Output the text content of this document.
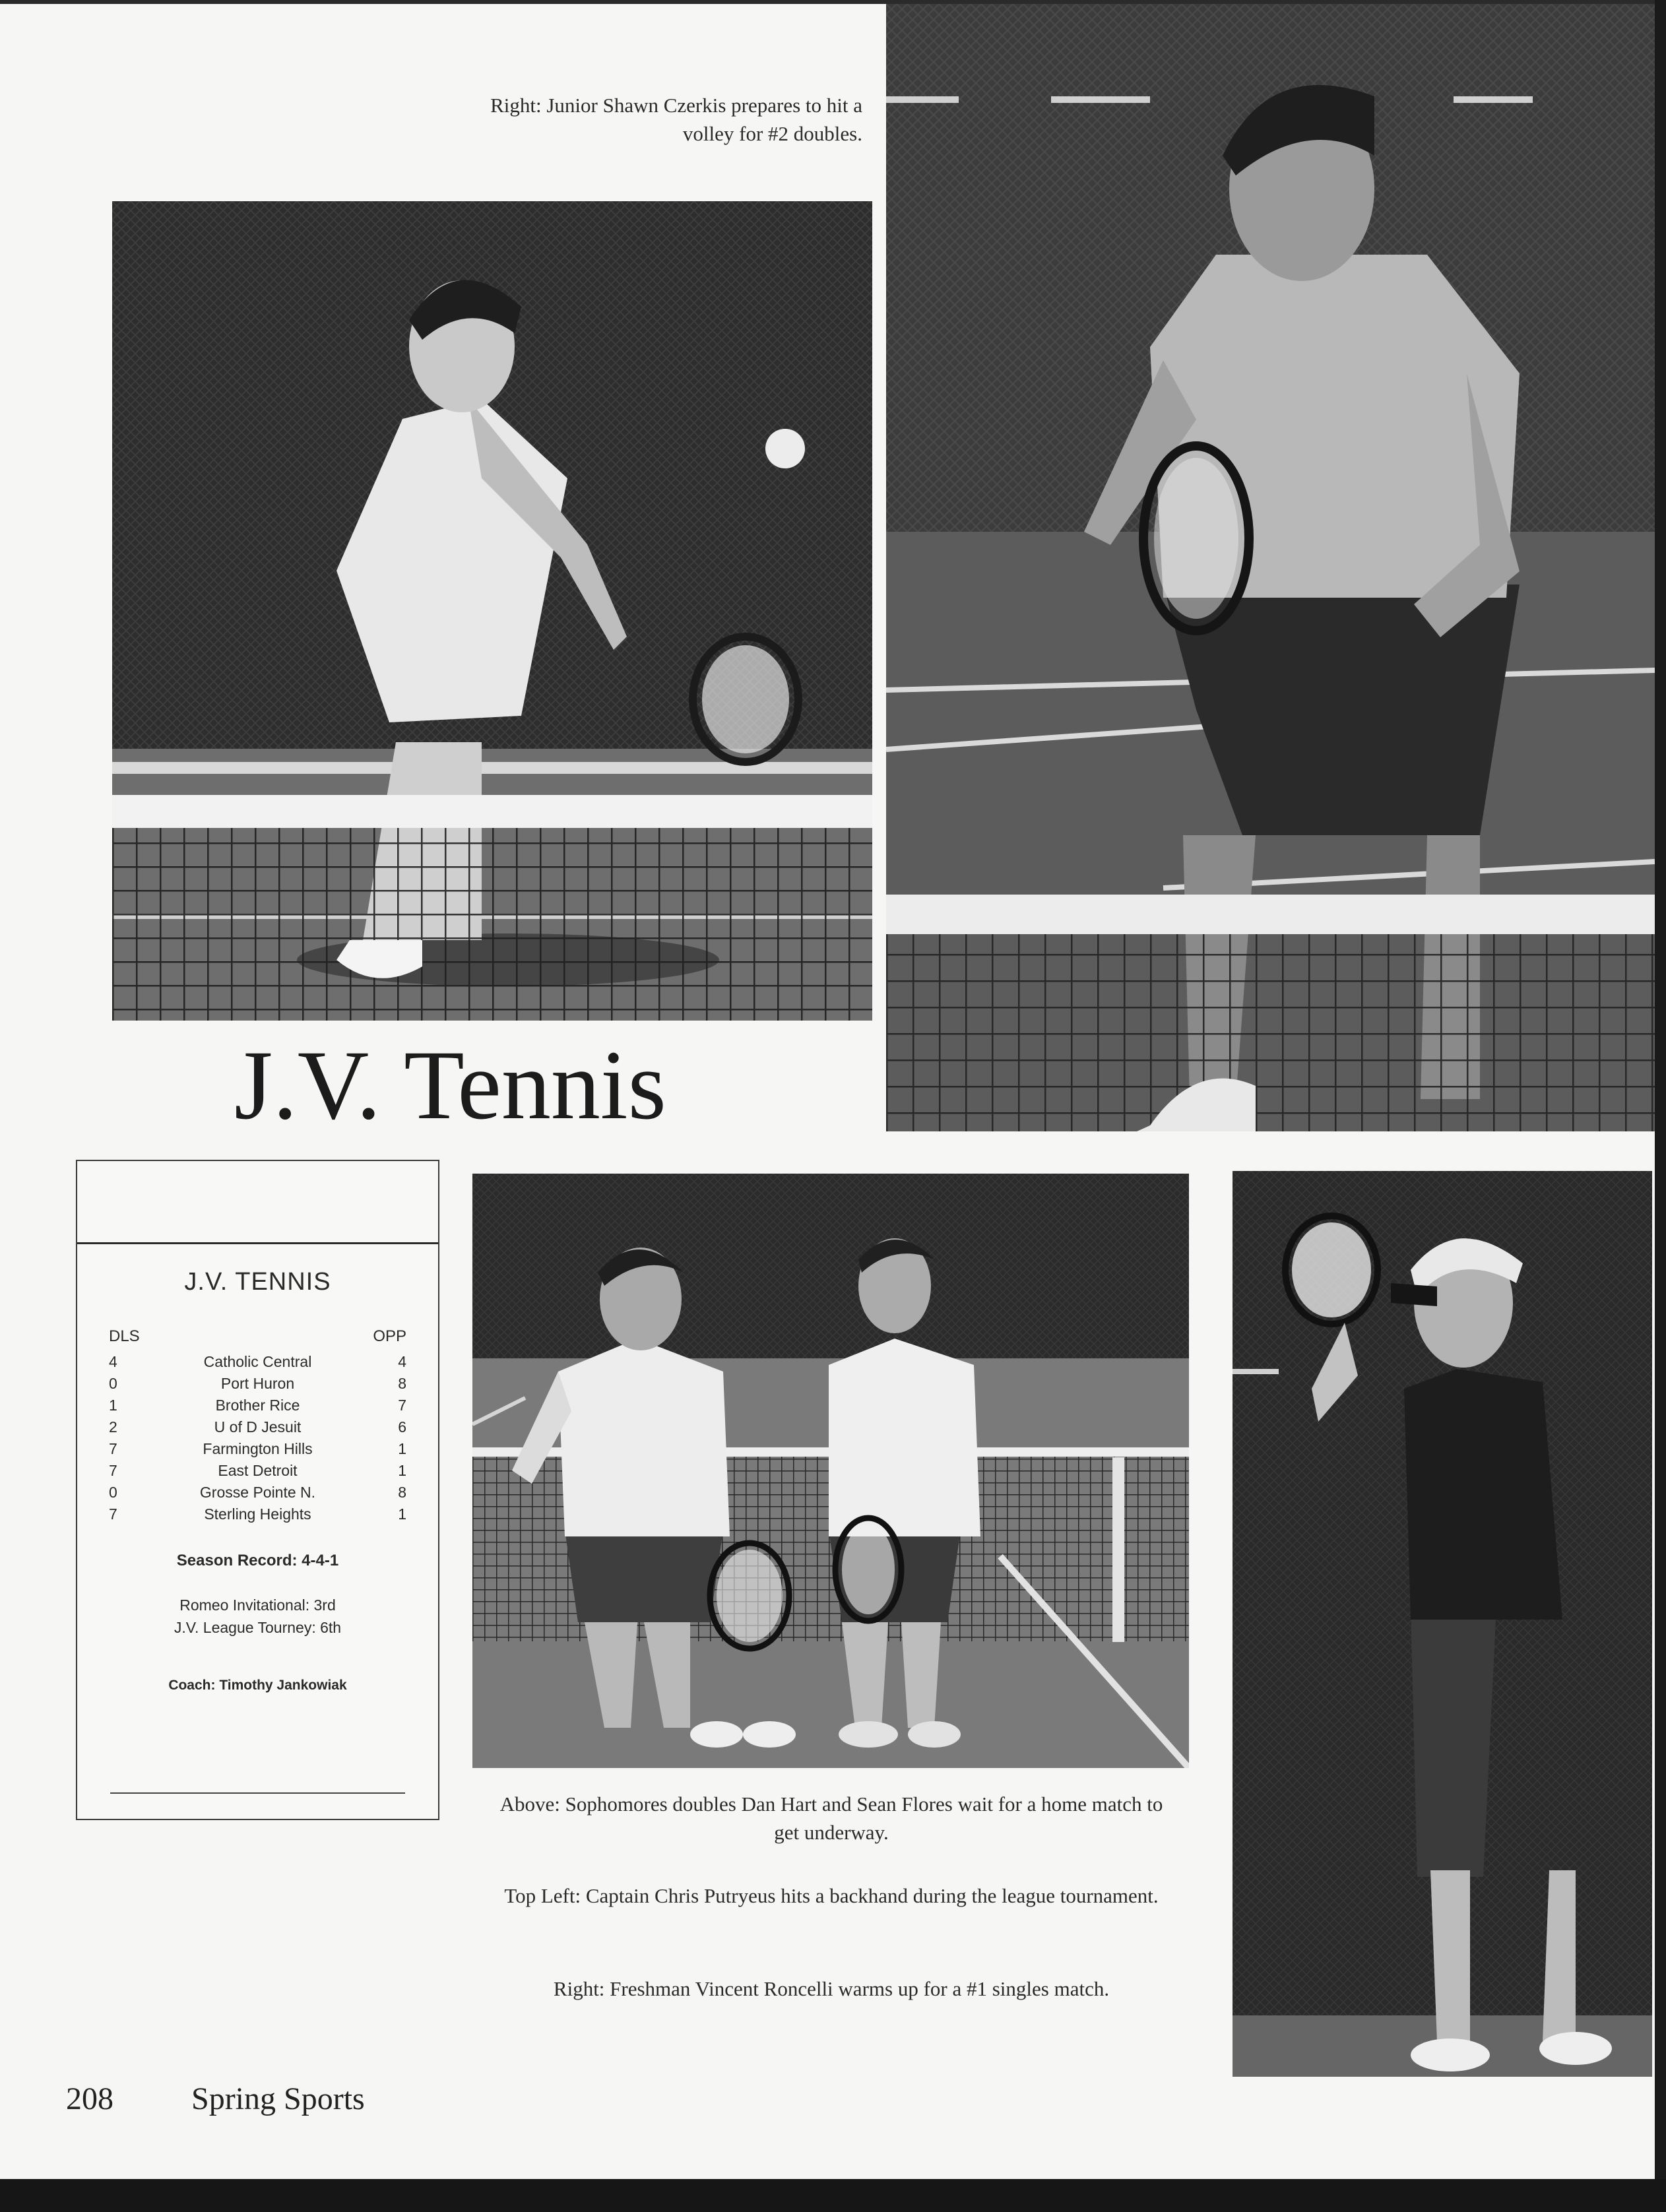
Right: Junior Shawn Czerkis prepares to hit a
volley for #2 doubles.
J.V. Tennis
J.V. TENNIS
DLS	OPP
4	Catholic Central	4
0	Port Huron	8
1	Brother Rice	7
2	U of D Jesuit	6
7	Farmington Hills	1
7	East Detroit	1
0	Grosse Pointe N.	8
7	Sterling Heights	1
Season Record: 4-4-1
Romeo Invitational: 3rd
J.V. League Tourney: 6th
Coach: Timothy Jankowiak
Above: Sophomores doubles Dan Hart and Sean Flores wait for a home match to
get underway.
Top Left: Captain Chris Putryeus hits a backhand during the league tournament.
Right: Freshman Vincent Roncelli warms up for a #1 singles match.
208 Spring Sports
